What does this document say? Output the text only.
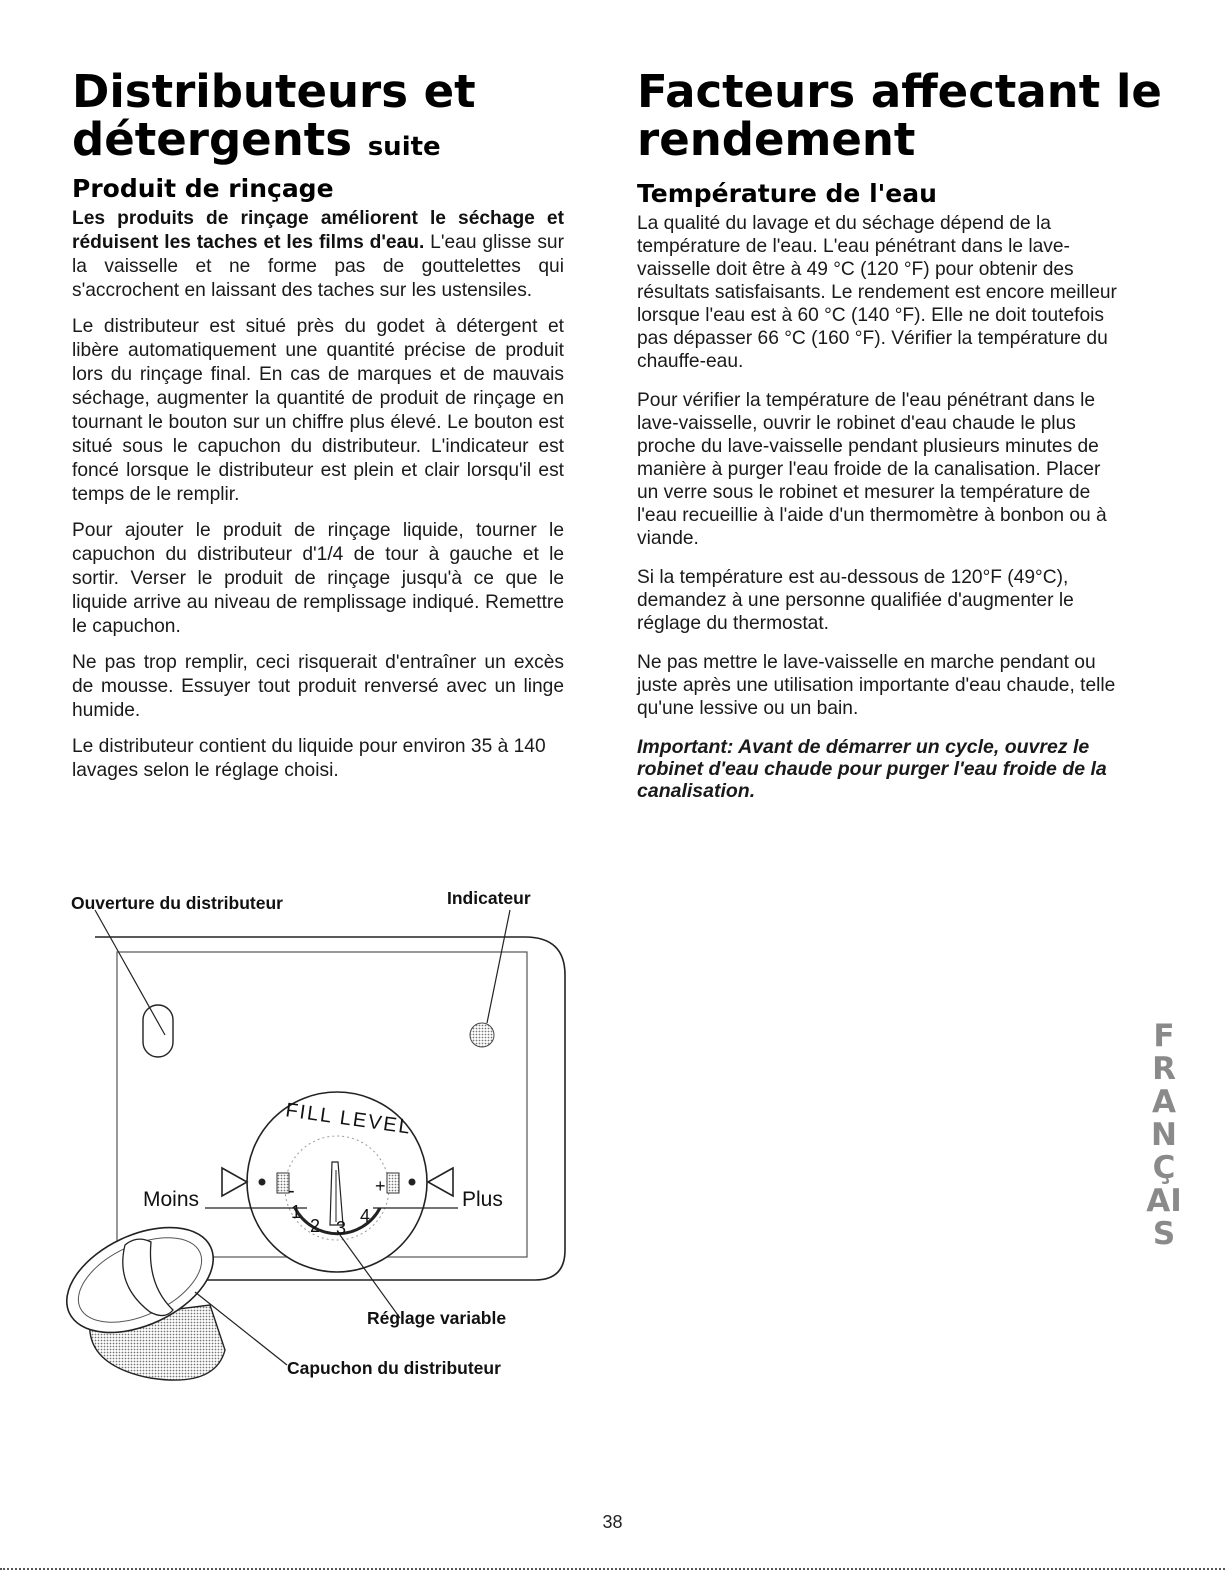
Distributeurs et
détergents suite
Produit de rinçage

Les produits de rinçage améliorent le séchage et réduisent les taches et les films d'eau. L'eau glisse sur la vaisselle et ne forme pas de gouttelettes qui s'accrochent en laissant des taches sur les ustensiles.

Le distributeur est situé près du godet à détergent et libère automatiquement une quantité précise de produit lors du rinçage final. En cas de marques et de mauvais séchage, augmenter la quantité de produit de rinçage en tournant le bouton sur un chiffre plus élevé. Le bouton est situé sous le capuchon du distributeur. L'indicateur est foncé lorsque le distributeur est plein et clair lorsqu'il est temps de le remplir.

Pour ajouter le produit de rinçage liquide, tourner le capuchon du distributeur d'1/4 de tour à gauche et le sortir. Verser le produit de rinçage jusqu'à ce que le liquide arrive au niveau de remplissage indiqué. Remettre le capuchon.

Ne pas trop remplir, ceci risquerait d'entraîner un excès de mousse. Essuyer tout produit renversé avec un linge humide.

Le distributeur contient du liquide pour environ 35 à 140 lavages selon le réglage choisi.

Facteurs affectant le
rendement
Température de l'eau

La qualité du lavage et du séchage dépend de la température de l'eau. L'eau pénétrant dans le lave-vaisselle doit être à 49 °C (120 °F) pour obtenir des résultats satisfaisants. Le rendement est encore meilleur lorsque l'eau est à 60 °C (140 °F). Elle ne doit toutefois pas dépasser 66 °C (160 °F). Vérifier la température du chauffe-eau.

Pour vérifier la température de l'eau pénétrant dans le lave-vaisselle, ouvrir le robinet d'eau chaude le plus proche du lave-vaisselle pendant plusieurs minutes de manière à purger l'eau froide de la canalisation. Placer un verre sous le robinet et mesurer la température de l'eau recueillie à l'aide d'un thermomètre à bonbon ou à viande.

Si la température est au-dessous de 120°F (49°C), demandez à une personne qualifiée d'augmenter le réglage du thermostat.

Ne pas mettre le lave-vaisselle en marche pendant ou juste après une utilisation importante d'eau chaude, telle qu'une lessive ou un bain.

Important: Avant de démarrer un cycle, ouvrez le robinet d'eau chaude pour purger l'eau froide de la canalisation.

Ouverture du distributeur	Indicateur
Moins	Plus
Réglage variable
Capuchon du distributeur
FILL LEVEL
-	+
1
2 3
4
FRANÇAIS
38
